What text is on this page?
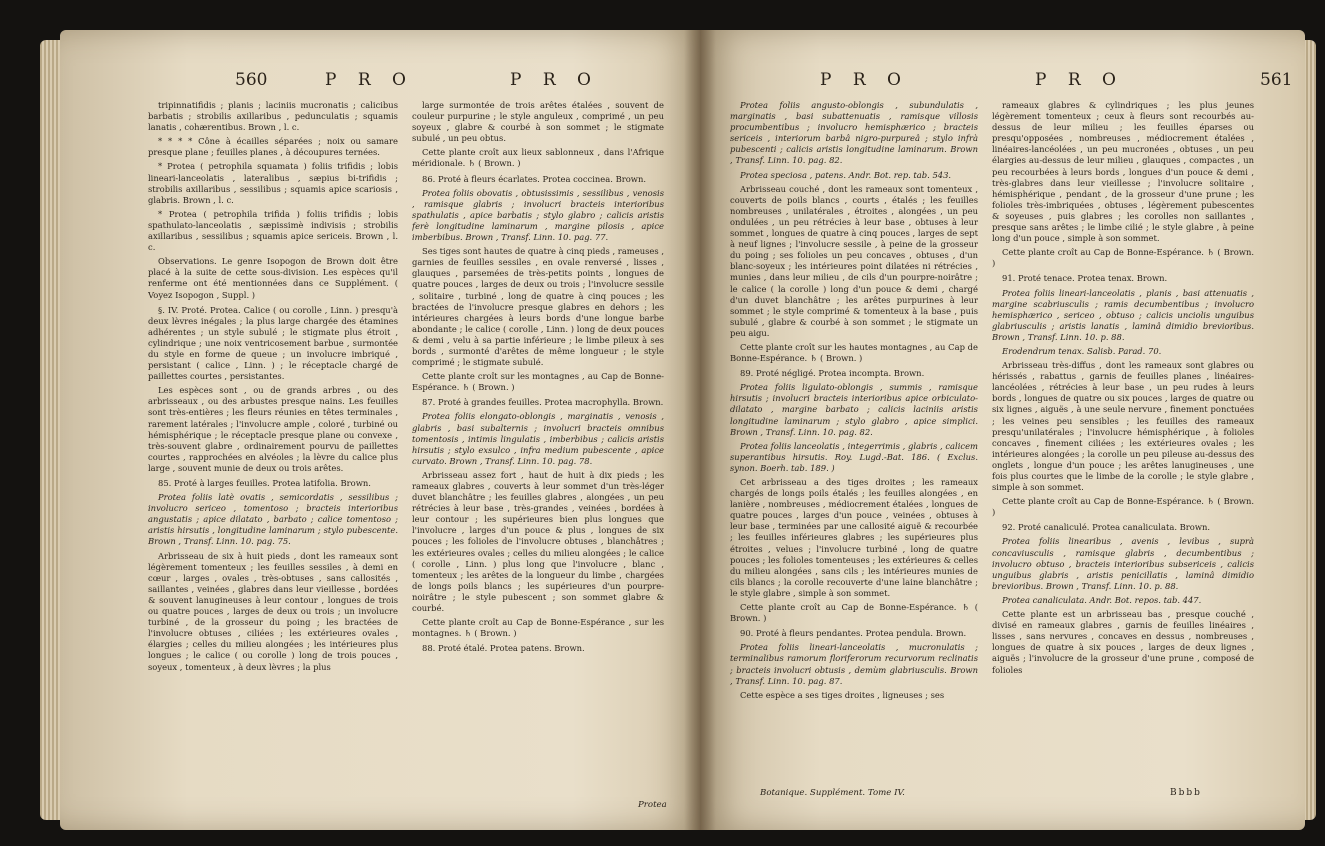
560	P R O	P R O

tripinnatifidis ; planis ; laciniis mucronatis ; calicibus barbatis ; strobilis axillaribus , pedunculatis ; squamis lanatis , cohærentibus. Brown , l. c.

* * * * Cône à écailles séparées ; noix ou samare presque plane ; feuilles planes , à découpures ternées.

* Protea ( petrophila squamata ) foliis trifidis ; lobis lineari-lanceolatis , lateralibus , sæpius bi-trifidis ; strobilis axillaribus , sessilibus ; squamis apice scariosis , glabris. Brown , l. c.

* Protea ( petrophila trifida ) foliis trifidis ; lobis spathulato-lanceolatis , sæpissimè indivisis ; strobilis axillaribus , sessilibus ; squamis apice sericeis. Brown , l. c.

Observations. Le genre Isopogon de Brown doit être placé à la suite de cette sous-division. Les espèces qu'il renferme ont été mentionnées dans ce Supplément. ( Voyez Isopogon , Suppl. )

§. IV. Proté. Protea. Calice ( ou corolle , Linn. ) presqu'à deux lèvres inégales ; la plus large chargée des étamines adhérentes ; un style subulé ; le stigmate plus étroit , cylindrique ; une noix ventricosement barbue , surmontée du style en forme de queue ; un involucre imbriqué , persistant ( calice , Linn. ) ; le réceptacle chargé de paillettes courtes , persistantes.

Les espèces sont , ou de grands arbres , ou des arbrisseaux , ou des arbustes presque nains. Les feuilles sont très-entières ; les fleurs réunies en têtes terminales , rarement latérales ; l'involucre ample , coloré , turbiné ou hémisphérique ; le réceptacle presque plane ou convexe , très-souvent glabre , ordinairement pourvu de paillettes courtes , rapprochées en alvéoles ; la lèvre du calice plus large , souvent munie de deux ou trois arêtes.

85. Proté à larges feuilles. Protea latifolia. Brown.

Protea foliis latè ovatis , semicordatis , sessilibus ; involucro sericeo , tomentoso ; bracteis interioribus angustatis ; apice dilatato , barbato ; calice tomentoso ; aristis hirsutis , longitudine laminarum ; stylo pubescente. Brown , Transf. Linn. 10. pag. 75.

Arbrisseau de six à huit pieds , dont les rameaux sont légèrement tomenteux ; les feuilles sessiles , à demi en cœur , larges , ovales , très-obtuses , sans callosités , saillantes , veinées , glabres dans leur vieillesse , bordées & souvent lanugineuses à leur contour , longues de trois ou quatre pouces , larges de deux ou trois ; un involucre turbiné , de la grosseur du poing ; les bractées de l'involucre obtuses , ciliées ; les extérieures ovales , élargies ; celles du milieu alongées ; les intérieures plus longues ; le calice ( ou corolle ) long de trois pouces , soyeux , tomenteux , à deux lèvres ; la plus

large surmontée de trois arêtes étalées , souvent de couleur purpurine ; le style anguleux , comprimé , un peu soyeux , glabre & courbé à son sommet ; le stigmate subulé , un peu obtus.

Cette plante croît aux lieux sablonneux , dans l'Afrique méridionale. ♄ ( Brown. )

86. Proté à fleurs écarlates. Protea coccinea. Brown.

Protea foliis obovatis , obtusissimis , sessilibus , venosis , ramisque glabris ; involucri bracteis interioribus spathulatis , apice barbatis ; stylo glabro ; calicis aristis ferè longitudine laminarum , margine pilosis , apice imberbibus. Brown , Transf. Linn. 10. pag. 77.

Ses tiges sont hautes de quatre à cinq pieds , rameuses , garnies de feuilles sessiles , en ovale renversé , lisses , glauques , parsemées de très-petits points , longues de quatre pouces , larges de deux ou trois ; l'involucre sessile , solitaire , turbiné , long de quatre à cinq pouces ; les bractées de l'involucre presque glabres en dehors ; les intérieures chargées à leurs bords d'une longue barbe abondante ; le calice ( corolle , Linn. ) long de deux pouces & demi , velu à sa partie inférieure ; le limbe pileux à ses bords , surmonté d'arêtes de même longueur ; le style comprimé ; le stigmate subulé.

Cette plante croît sur les montagnes , au Cap de Bonne-Espérance. ♄ ( Brown. )

87. Proté à grandes feuilles. Protea macrophylla. Brown.

Protea foliis elongato-oblongis , marginatis , venosis , glabris , basi subalternis ; involucri bracteis omnibus tomentosis , intimis lingulatis , imberbibus ; calicis aristis hirsutis ; stylo exsulco , infra medium pubescente , apice curvato. Brown , Transf. Linn. 10. pag. 78.

Arbrisseau assez fort , haut de huit à dix pieds ; les rameaux glabres , couverts à leur sommet d'un très-léger duvet blanchâtre ; les feuilles glabres , alongées , un peu rétrécies à leur base , très-grandes , veinées , bordées à leur contour ; les supérieures bien plus longues que l'involucre , larges d'un pouce & plus , longues de six pouces ; les folioles de l'involucre obtuses , blanchâtres ; les extérieures ovales ; celles du milieu alongées ; le calice ( corolle , Linn. ) plus long que l'involucre , blanc , tomenteux ; les arêtes de la longueur du limbe , chargées de longs poils blancs ; les supérieures d'un pourpre-noirâtre ; le style pubescent ; son sommet glabre & courbé.

Cette plante croît au Cap de Bonne-Espérance , sur les montagnes. ♄ ( Brown. )

88. Proté étalé. Protea patens. Brown.

Protea
P R O	P R O	561

Protea foliis angusto-oblongis , subundulatis , marginatis , basi subattenuatis , ramisque villosis procumbentibus ; involucro hemisphærico ; bracteis sericeis , interiorum barbâ nigro-purpureâ ; stylo infrà pubescenti ; calicis aristis longitudine laminarum. Brown , Transf. Linn. 10. pag. 82.

Protea speciosa , patens. Andr. Bot. rep. tab. 543.

Arbrisseau couché , dont les rameaux sont tomenteux , couverts de poils blancs , courts , étalés ; les feuilles nombreuses , unilatérales , étroites , alongées , un peu ondulées , un peu rétrécies à leur base , obtuses à leur sommet , longues de quatre à cinq pouces , larges de sept à neuf lignes ; l'involucre sessile , à peine de la grosseur du poing ; ses folioles un peu concaves , obtuses , d'un blanc-soyeux ; les intérieures point dilatées ni rétrécies , munies , dans leur milieu , de cils d'un pourpre-noirâtre ; le calice ( la corolle ) long d'un pouce & demi , chargé d'un duvet blanchâtre ; les arêtes purpurines à leur sommet ; le style comprimé & tomenteux à la base , puis subulé , glabre & courbé à son sommet ; le stigmate un peu aigu.

Cette plante croît sur les hautes montagnes , au Cap de Bonne-Espérance. ♄ ( Brown. )

89. Proté négligé. Protea incompta. Brown.

Protea foliis ligulato-oblongis , summis , ramisque hirsutis ; involucri bracteis interioribus apice orbiculato-dilatato , margine barbato ; calicis laciniis aristis longitudine laminarum ; stylo glabro , apice simplici. Brown , Transf. Linn. 10. pag. 82.

Protea foliis lanceolatis , integerrimis , glabris , calicem superantibus hirsutis. Roy. Lugd.-Bat. 186. ( Exclus. synon. Boerh. tab. 189. )

Cet arbrisseau a des tiges droites ; les rameaux chargés de longs poils étalés ; les feuilles alongées , en lanière , nombreuses , médiocrement étalées , longues de quatre pouces , larges d'un pouce , veinées , obtuses à leur base , terminées par une callosité aiguë & recourbée ; les feuilles inférieures glabres ; les supérieures plus étroites , velues ; l'involucre turbiné , long de quatre pouces ; les folioles tomenteuses ; les extérieures & celles du milieu alongées , sans cils ; les intérieures munies de cils blancs ; la corolle recouverte d'une laine blanchâtre ; le style glabre , simple à son sommet.

Cette plante croît au Cap de Bonne-Espérance. ♄ ( Brown. )

90. Proté à fleurs pendantes. Protea pendula. Brown.

Protea foliis lineari-lanceolatis , mucronulatis ; terminalibus ramorum floriferorum recurvorum reclinatis ; bracteis involucri obtusis , demùm glabriusculis. Brown , Transf. Linn. 10. pag. 87.

Cette espèce a ses tiges droites , ligneuses ; ses

rameaux glabres & cylindriques ; les plus jeunes légèrement tomenteux ; ceux à fleurs sont recourbés au-dessus de leur milieu ; les feuilles éparses ou presqu'opposées , nombreuses , médiocrement étalées , linéaires-lancéolées , un peu mucronées , obtuses , un peu élargies au-dessus de leur milieu , glauques , compactes , un peu recourbées à leurs bords , longues d'un pouce & demi , très-glabres dans leur vieillesse ; l'involucre solitaire , hémisphérique , pendant , de la grosseur d'une prune ; les folioles très-imbriquées , obtuses , légèrement pubescentes & soyeuses , puis glabres ; les corolles non saillantes , presque sans arêtes ; le limbe cilié ; le style glabre , à peine long d'un pouce , simple à son sommet.

Cette plante croît au Cap de Bonne-Espérance. ♄ ( Brown. )

91. Proté tenace. Protea tenax. Brown.

Protea foliis lineari-lanceolatis , planis , basi attenuatis , margine scabriusculis ; ramis decumbentibus ; involucro hemisphærico , sericeo , obtuso ; calicis unciolis unguibus glabriusculis ; aristis lanatis , laminâ dimidio brevioribus. Brown , Transf. Linn. 10. p. 88.

Erodendrum tenax. Salisb. Parad. 70.

Arbrisseau très-diffus , dont les rameaux sont glabres ou hérissés , rabattus , garnis de feuilles planes , linéaires-lancéolées , rétrécies à leur base , un peu rudes à leurs bords , longues de quatre ou six pouces , larges de quatre ou six lignes , aiguës , à une seule nervure , finement ponctuées ; les veines peu sensibles ; les feuilles des rameaux presqu'unilatérales ; l'involucre hémisphérique , à folioles concaves , finement ciliées ; les extérieures ovales ; les intérieures alongées ; la corolle un peu pileuse au-dessus des onglets , longue d'un pouce ; les arêtes lanugineuses , une fois plus courtes que le limbe de la corolle ; le style glabre , simple à son sommet.

Cette plante croît au Cap de Bonne-Espérance. ♄ ( Brown. )

92. Proté canaliculé. Protea canaliculata. Brown.

Protea foliis linearibus , avenis , levibus , suprà concaviusculis , ramisque glabris , decumbentibus ; involucro obtuso , bracteis interioribus subsericeis , calicis unguibus glabris , aristis penicillatis , laminâ dimidio brevioribus. Brown , Transf. Linn. 10. p. 88.

Protea canaliculata. Andr. Bot. repos. tab. 447.

Cette plante est un arbrisseau bas , presque couché , divisé en rameaux glabres , garnis de feuilles linéaires , lisses , sans nervures , concaves en dessus , nombreuses , longues de quatre à six pouces , larges de deux lignes , aiguës ; l'involucre de la grosseur d'une prune , composé de folioles

Botanique. Supplément. Tome IV.	Bbbb
